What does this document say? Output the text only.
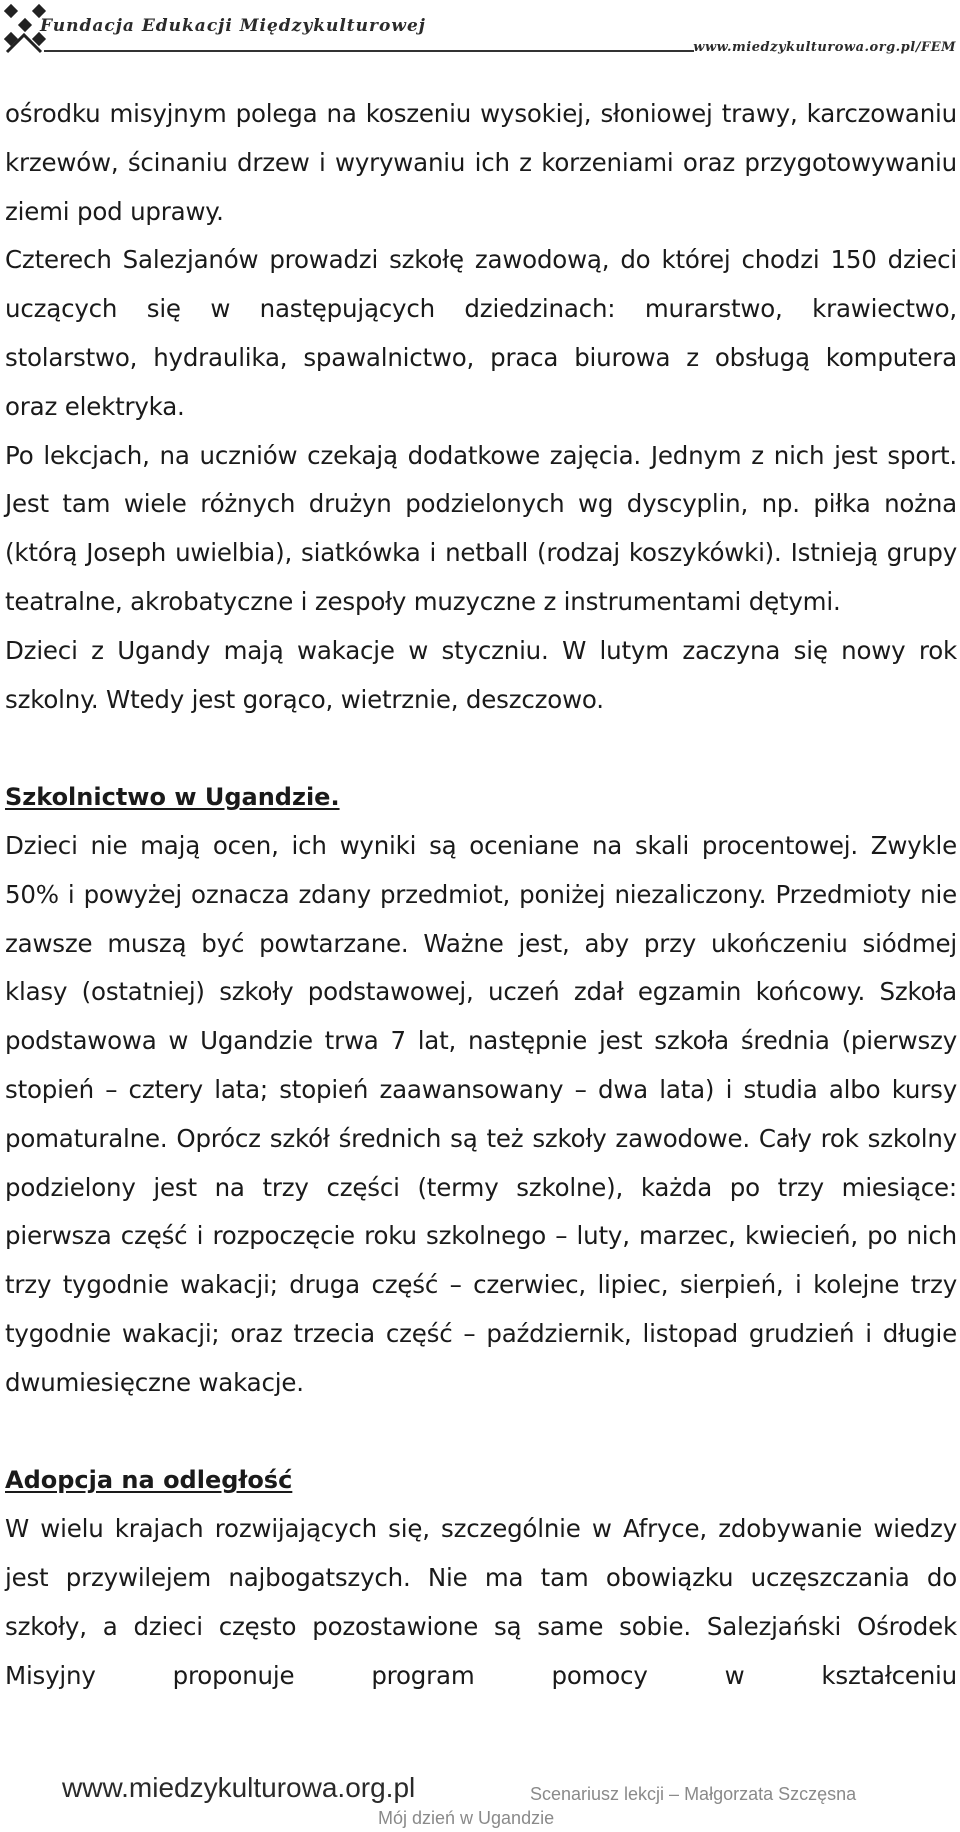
Fundacja Edukacji Międzykulturowej
www.miedzykulturowa.org.pl/FEM

ośrodku misyjnym polega na koszeniu wysokiej, słoniowej trawy, karczowaniu krzewów, ścinaniu drzew i wyrywaniu ich z korzeniami oraz przygotowywaniu ziemi pod uprawy.

Czterech Salezjanów prowadzi szkołę zawodową, do której chodzi 150 dzieci uczących się w następujących dziedzinach: murarstwo, krawiectwo, stolarstwo, hydraulika, spawalnictwo, praca biurowa z obsługą komputera oraz elektryka.

Po lekcjach, na uczniów czekają dodatkowe zajęcia. Jednym z nich jest sport. Jest tam wiele różnych drużyn podzielonych wg dyscyplin, np. piłka nożna (którą Joseph uwielbia), siatkówka i netball (rodzaj koszykówki). Istnieją grupy teatralne, akrobatyczne i zespoły muzyczne z instrumentami dętymi.

Dzieci z Ugandy mają wakacje w styczniu. W lutym zaczyna się nowy rok szkolny. Wtedy jest gorąco, wietrznie, deszczowo.

Szkolnictwo w Ugandzie.

Dzieci nie mają ocen, ich wyniki są oceniane na skali procentowej. Zwykle 50% i powyżej oznacza zdany przedmiot, poniżej niezaliczony. Przedmioty nie zawsze muszą być powtarzane. Ważne jest, aby przy ukończeniu siódmej klasy (ostatniej) szkoły podstawowej, uczeń zdał egzamin końcowy. Szkoła podstawowa w Ugandzie trwa 7 lat, następnie jest szkoła średnia (pierwszy stopień – cztery lata; stopień zaawansowany – dwa lata) i studia albo kursy pomaturalne. Oprócz szkół średnich są też szkoły zawodowe. Cały rok szkolny podzielony jest na trzy części (termy szkolne), każda po trzy miesiące: pierwsza część i rozpoczęcie roku szkolnego – luty, marzec, kwiecień, po nich trzy tygodnie wakacji; druga część – czerwiec, lipiec, sierpień, i kolejne trzy tygodnie wakacji; oraz trzecia część – październik, listopad grudzień i długie dwumiesięczne wakacje.

Adopcja na odległość

W wielu krajach rozwijających się, szczególnie w Afryce, zdobywanie wiedzy jest przywilejem najbogatszych. Nie ma tam obowiązku uczęszczania do szkoły, a dzieci często pozostawione są same sobie. Salezjański Ośrodek Misyjny proponuje program pomocy w kształceniu

www.miedzykulturowa.org.pl	Scenariusz lekcji – Małgorzata Szczęsna
Mój dzień w Ugandzie
